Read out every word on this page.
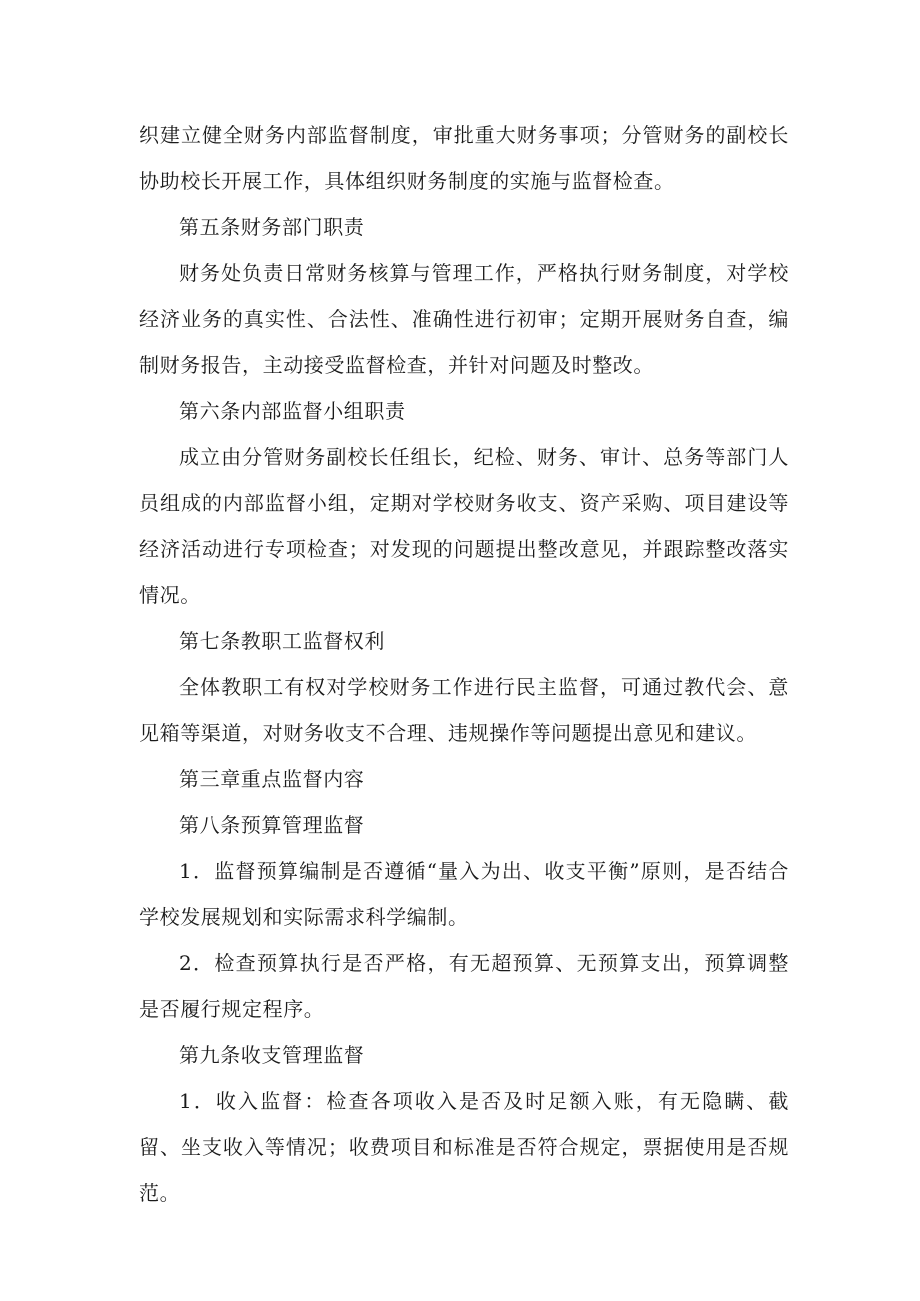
织建立健全财务内部监督制度，审批重大财务事项；分管财务的副校长协助校长开展工作，具体组织财务制度的实施与监督检查。

第五条财务部门职责

财务处负责日常财务核算与管理工作，严格执行财务制度，对学校经济业务的真实性、合法性、准确性进行初审；定期开展财务自查，编制财务报告，主动接受监督检查，并针对问题及时整改。

第六条内部监督小组职责

成立由分管财务副校长任组长，纪检、财务、审计、总务等部门人员组成的内部监督小组，定期对学校财务收支、资产采购、项目建设等经济活动进行专项检查；对发现的问题提出整改意见，并跟踪整改落实情况。

第七条教职工监督权利

全体教职工有权对学校财务工作进行民主监督，可通过教代会、意见箱等渠道，对财务收支不合理、违规操作等问题提出意见和建议。

第三章重点监督内容

第八条预算管理监督

1．监督预算编制是否遵循“量入为出、收支平衡”原则，是否结合学校发展规划和实际需求科学编制。

2．检查预算执行是否严格，有无超预算、无预算支出，预算调整是否履行规定程序。

第九条收支管理监督

1．收入监督：检查各项收入是否及时足额入账，有无隐瞒、截留、坐支收入等情况；收费项目和标准是否符合规定，票据使用是否规范。
